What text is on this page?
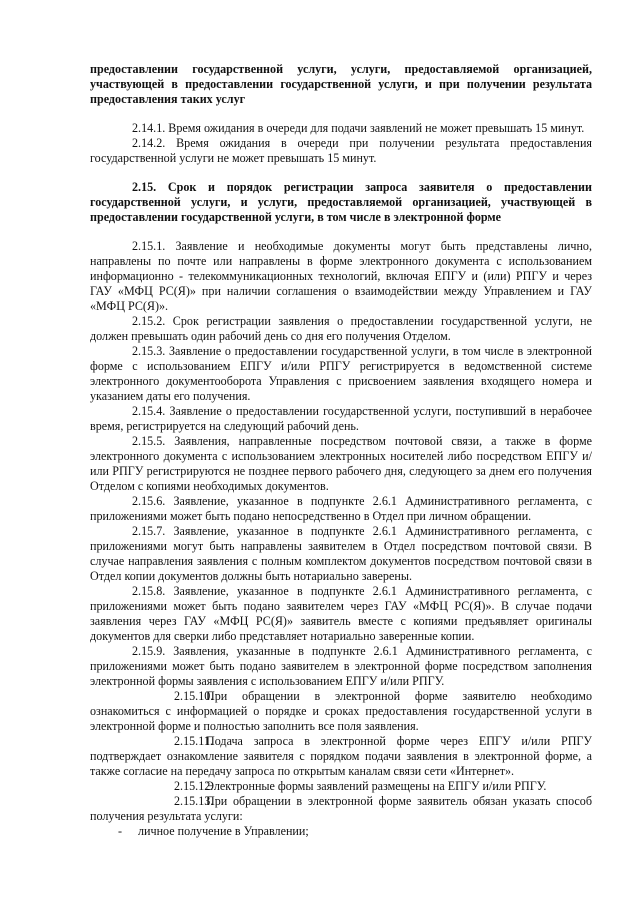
предоставлении государственной услуги, услуги, предоставляемой организацией, участвующей в предоставлении государственной услуги, и при получении результата предоставления таких услуг

2.14.1. Время ожидания в очереди для подачи заявлений не может превышать 15 минут.

2.14.2. Время ожидания в очереди при получении результата предоставления государственной услуги не может превышать 15 минут.

2.15. Срок и порядок регистрации запроса заявителя о предоставлении государственной услуги, и услуги, предоставляемой организацией, участвующей в предоставлении государственной услуги, в том числе в электронной форме

2.15.1. Заявление и необходимые документы могут быть представлены лично, направлены по почте или направлены в форме электронного документа с использованием информационно - телекоммуникационных технологий, включая ЕПГУ и (или) РПГУ и через ГАУ «МФЦ РС(Я)» при наличии соглашения о взаимодействии между Управлением и ГАУ «МФЦ РС(Я)».

2.15.2. Срок регистрации заявления о предоставлении государственной услуги, не должен превышать один рабочий день со дня его получения Отделом.

2.15.3. Заявление о предоставлении государственной услуги, в том числе в электронной форме с использованием ЕПГУ и/или РПГУ регистрируется в ведомственной системе электронного документооборота Управления с присвоением заявления входящего номера и указанием даты его получения.

2.15.4. Заявление о предоставлении государственной услуги, поступивший в нерабочее время, регистрируется на следующий рабочий день.

2.15.5. Заявления, направленные посредством почтовой связи, а также в форме электронного документа с использованием электронных носителей либо посредством ЕПГУ и/или РПГУ регистрируются не позднее первого рабочего дня, следующего за днем его получения Отделом с копиями необходимых документов.

2.15.6. Заявление, указанное в подпункте 2.6.1 Административного регламента, с приложениями может быть подано непосредственно в Отдел при личном обращении.

2.15.7. Заявление, указанное в подпункте 2.6.1 Административного регламента, с приложениями могут быть направлены заявителем в Отдел посредством почтовой связи. В случае направления заявления с полным комплектом документов посредством почтовой связи в Отдел копии документов должны быть нотариально заверены.

2.15.8. Заявление, указанное в подпункте 2.6.1 Административного регламента, с приложениями может быть подано заявителем через ГАУ «МФЦ РС(Я)». В случае подачи заявления через ГАУ «МФЦ РС(Я)» заявитель вместе с копиями предъявляет оригиналы документов для сверки либо представляет нотариально заверенные копии.

2.15.9. Заявления, указанные в подпункте 2.6.1 Административного регламента, с приложениями может быть подано заявителем в электронной форме посредством заполнения электронной формы заявления с использованием ЕПГУ и/или РПГУ.

2.15.10.При обращении в электронной форме заявителю необходимо ознакомиться с информацией о порядке и сроках предоставления государственной услуги в электронной форме и полностью заполнить все поля заявления.

2.15.11.Подача запроса в электронной форме через ЕПГУ и/или РПГУ подтверждает ознакомление заявителя с порядком подачи заявления в электронной форме, а также согласие на передачу запроса по открытым каналам связи сети «Интернет».

2.15.12.Электронные формы заявлений размещены на ЕПГУ и/или РПГУ.

2.15.13.При обращении в электронной форме заявитель обязан указать способ получения результата услуги:

- личное получение в Управлении;
